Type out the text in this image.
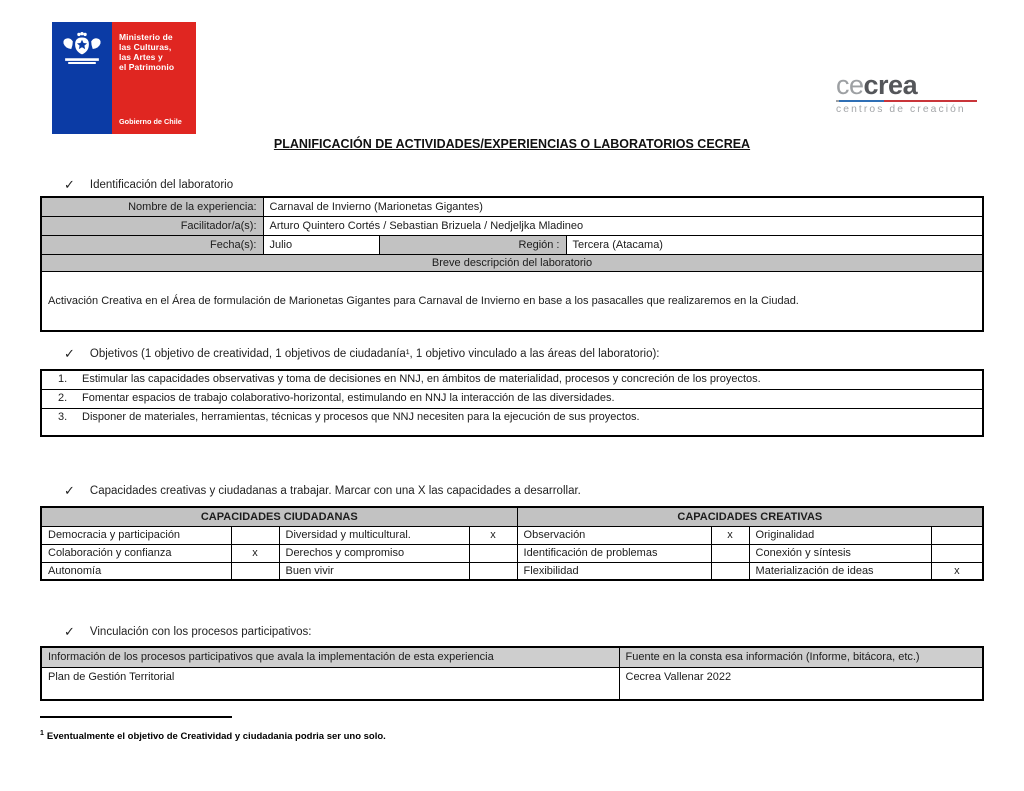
Ministerio de
las Culturas,
las Artes y
el Patrimonio
Gobierno de Chile
cecrea
centros de creación
PLANIFICACIÓN DE ACTIVIDADES/EXPERIENCIAS O LABORATORIOS CECREA
✓ Identificación del laboratorio
Nombre de la experiencia:	Carnaval de Invierno (Marionetas Gigantes)		
Facilitador/a(s):	Arturo Quintero Cortés / Sebastian Brizuela / Nedjeljka Mladineo		
Fecha(s):	Julio	Región :	Tercera (Atacama)
Breve descripción del laboratorio			
Activación Creativa en el Área de formulación de Marionetas Gigantes para Carnaval de Invierno en base a los pasacalles que realizaremos en la Ciudad.			
✓ Objetivos (1 objetivo de creatividad, 1 objetivos de ciudadanía¹, 1 objetivo vinculado a las áreas del laboratorio):
1. Estimular las capacidades observativas y toma de decisiones en NNJ, en ámbitos de materialidad, procesos y concreción de los proyectos.
2. Fomentar espacios de trabajo colaborativo-horizontal, estimulando en NNJ la interacción de las diversidades.
3. Disponer de materiales, herramientas, técnicas y procesos que NNJ necesiten para la ejecución de sus proyectos.
✓ Capacidades creativas y ciudadanas a trabajar. Marcar con una X las capacidades a desarrollar.
CAPACIDADES CIUDADANAS				CAPACIDADES CREATIVAS			
Democracia y participación		Diversidad y multicultural.	x	Observación	x	Originalidad	
Colaboración y confianza	x	Derechos y compromiso		Identificación de problemas		Conexión y síntesis	
Autonomía		Buen vivir		Flexibilidad		Materialización de ideas	x
✓ Vinculación con los procesos participativos:
Información de los procesos participativos que avala la implementación de esta experiencia	Fuente en la consta esa información (Informe, bitácora, etc.)
Plan de Gestión Territorial	Cecrea Vallenar 2022
$^1$ Eventualmente el objetivo de Creatividad y ciudadania podria ser uno solo.
